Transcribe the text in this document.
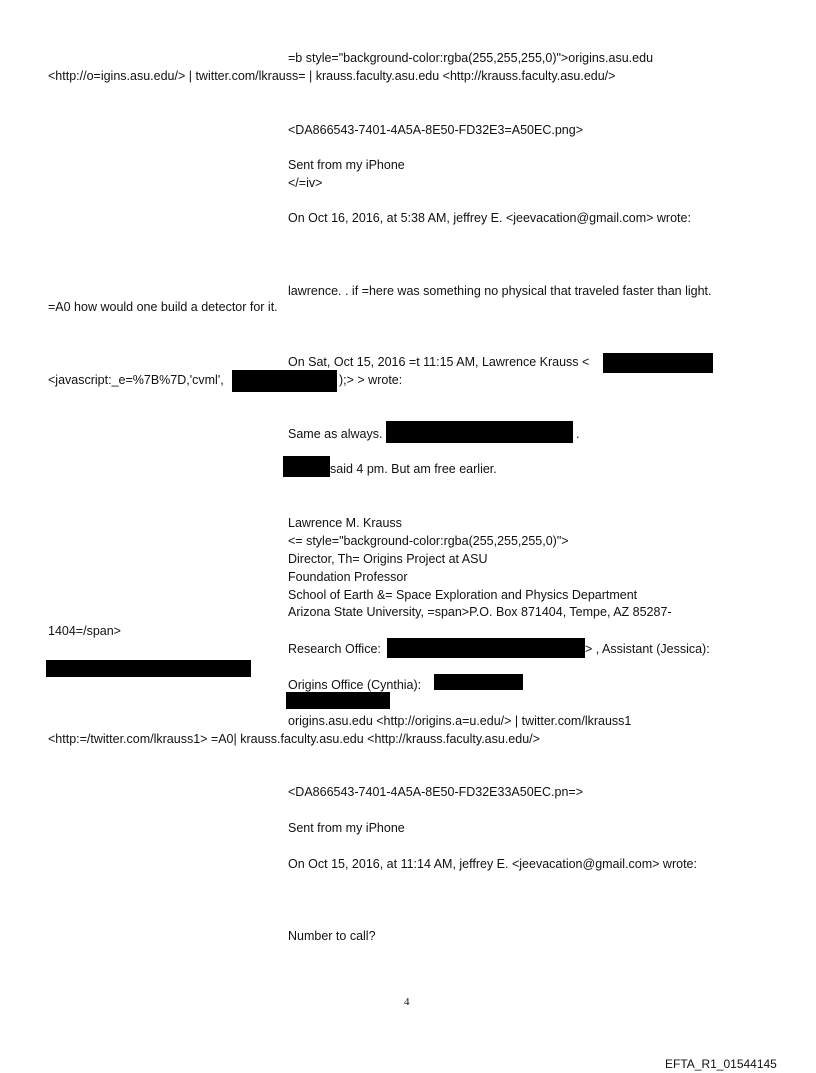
=b style="background-color:rgba(255,255,255,0)">origins.asu.edu
<http://o=igins.asu.edu/> | twitter.com/lkrauss= | krauss.faculty.asu.edu <http://krauss.faculty.asu.edu/>
<DA866543-7401-4A5A-8E50-FD32E3=A50EC.png>
Sent from my iPhone
</=iv>
On Oct 16, 2016, at 5:38 AM, jeffrey E. <jeevacation@gmail.com> wrote:
lawrence. . if =here was something no physical that traveled faster than light.
=A0 how would one build a detector for it.
On Sat, Oct 15, 2016 =t 11:15 AM, Lawrence Krauss <
<javascript:_e=%7B%7D,'cvml',	);> > wrote:
Same as always.	.
said 4 pm. But am free earlier.
Lawrence M. Krauss
<= style="background-color:rgba(255,255,255,0)">
Director, Th= Origins Project at ASU
Foundation Professor
School of Earth &= Space Exploration and Physics Department
Arizona State University, =span>P.O. Box 871404, Tempe, AZ 85287-
1404=/span>
Research Office:	> , Assistant (Jessica):
Origins Office (Cynthia):
origins.asu.edu <http://origins.a=u.edu/> | twitter.com/lkrauss1
<http:=/twitter.com/lkrauss1> =A0| krauss.faculty.asu.edu <http://krauss.faculty.asu.edu/>
<DA866543-7401-4A5A-8E50-FD32E33A50EC.pn=>
Sent from my iPhone
On Oct 15, 2016, at 11:14 AM, jeffrey E. <jeevacation@gmail.com> wrote:
Number to call?
4
EFTA_R1_01544145
